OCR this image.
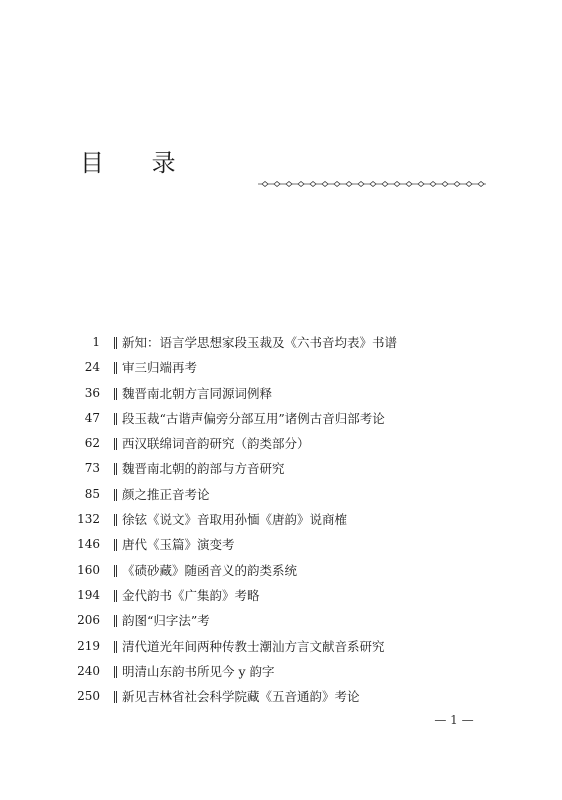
目 录
1 新知：语言学思想家段玉裁及《六书音均表》书谱
24 审三归端再考
36 魏晋南北朝方言同源词例释
47 段玉裁“古谐声偏旁分部互用”诸例古音归部考论
62 西汉联绵词音韵研究（韵类部分）
73 魏晋南北朝的韵部与方音研究
85 颜之推正音考论
132 徐铉《说文》音取用孙愐《唐韵》说商榷
146 唐代《玉篇》演变考
160 《碛砂藏》随函音义的韵类系统
194 金代韵书《广集韵》考略
206 韵图“归字法”考
219 清代道光年间两种传教士潮汕方言文献音系研究
240 明清山东韵书所见今 y 韵字
250 新见吉林省社会科学院藏《五音通韵》考论
— 1 —
